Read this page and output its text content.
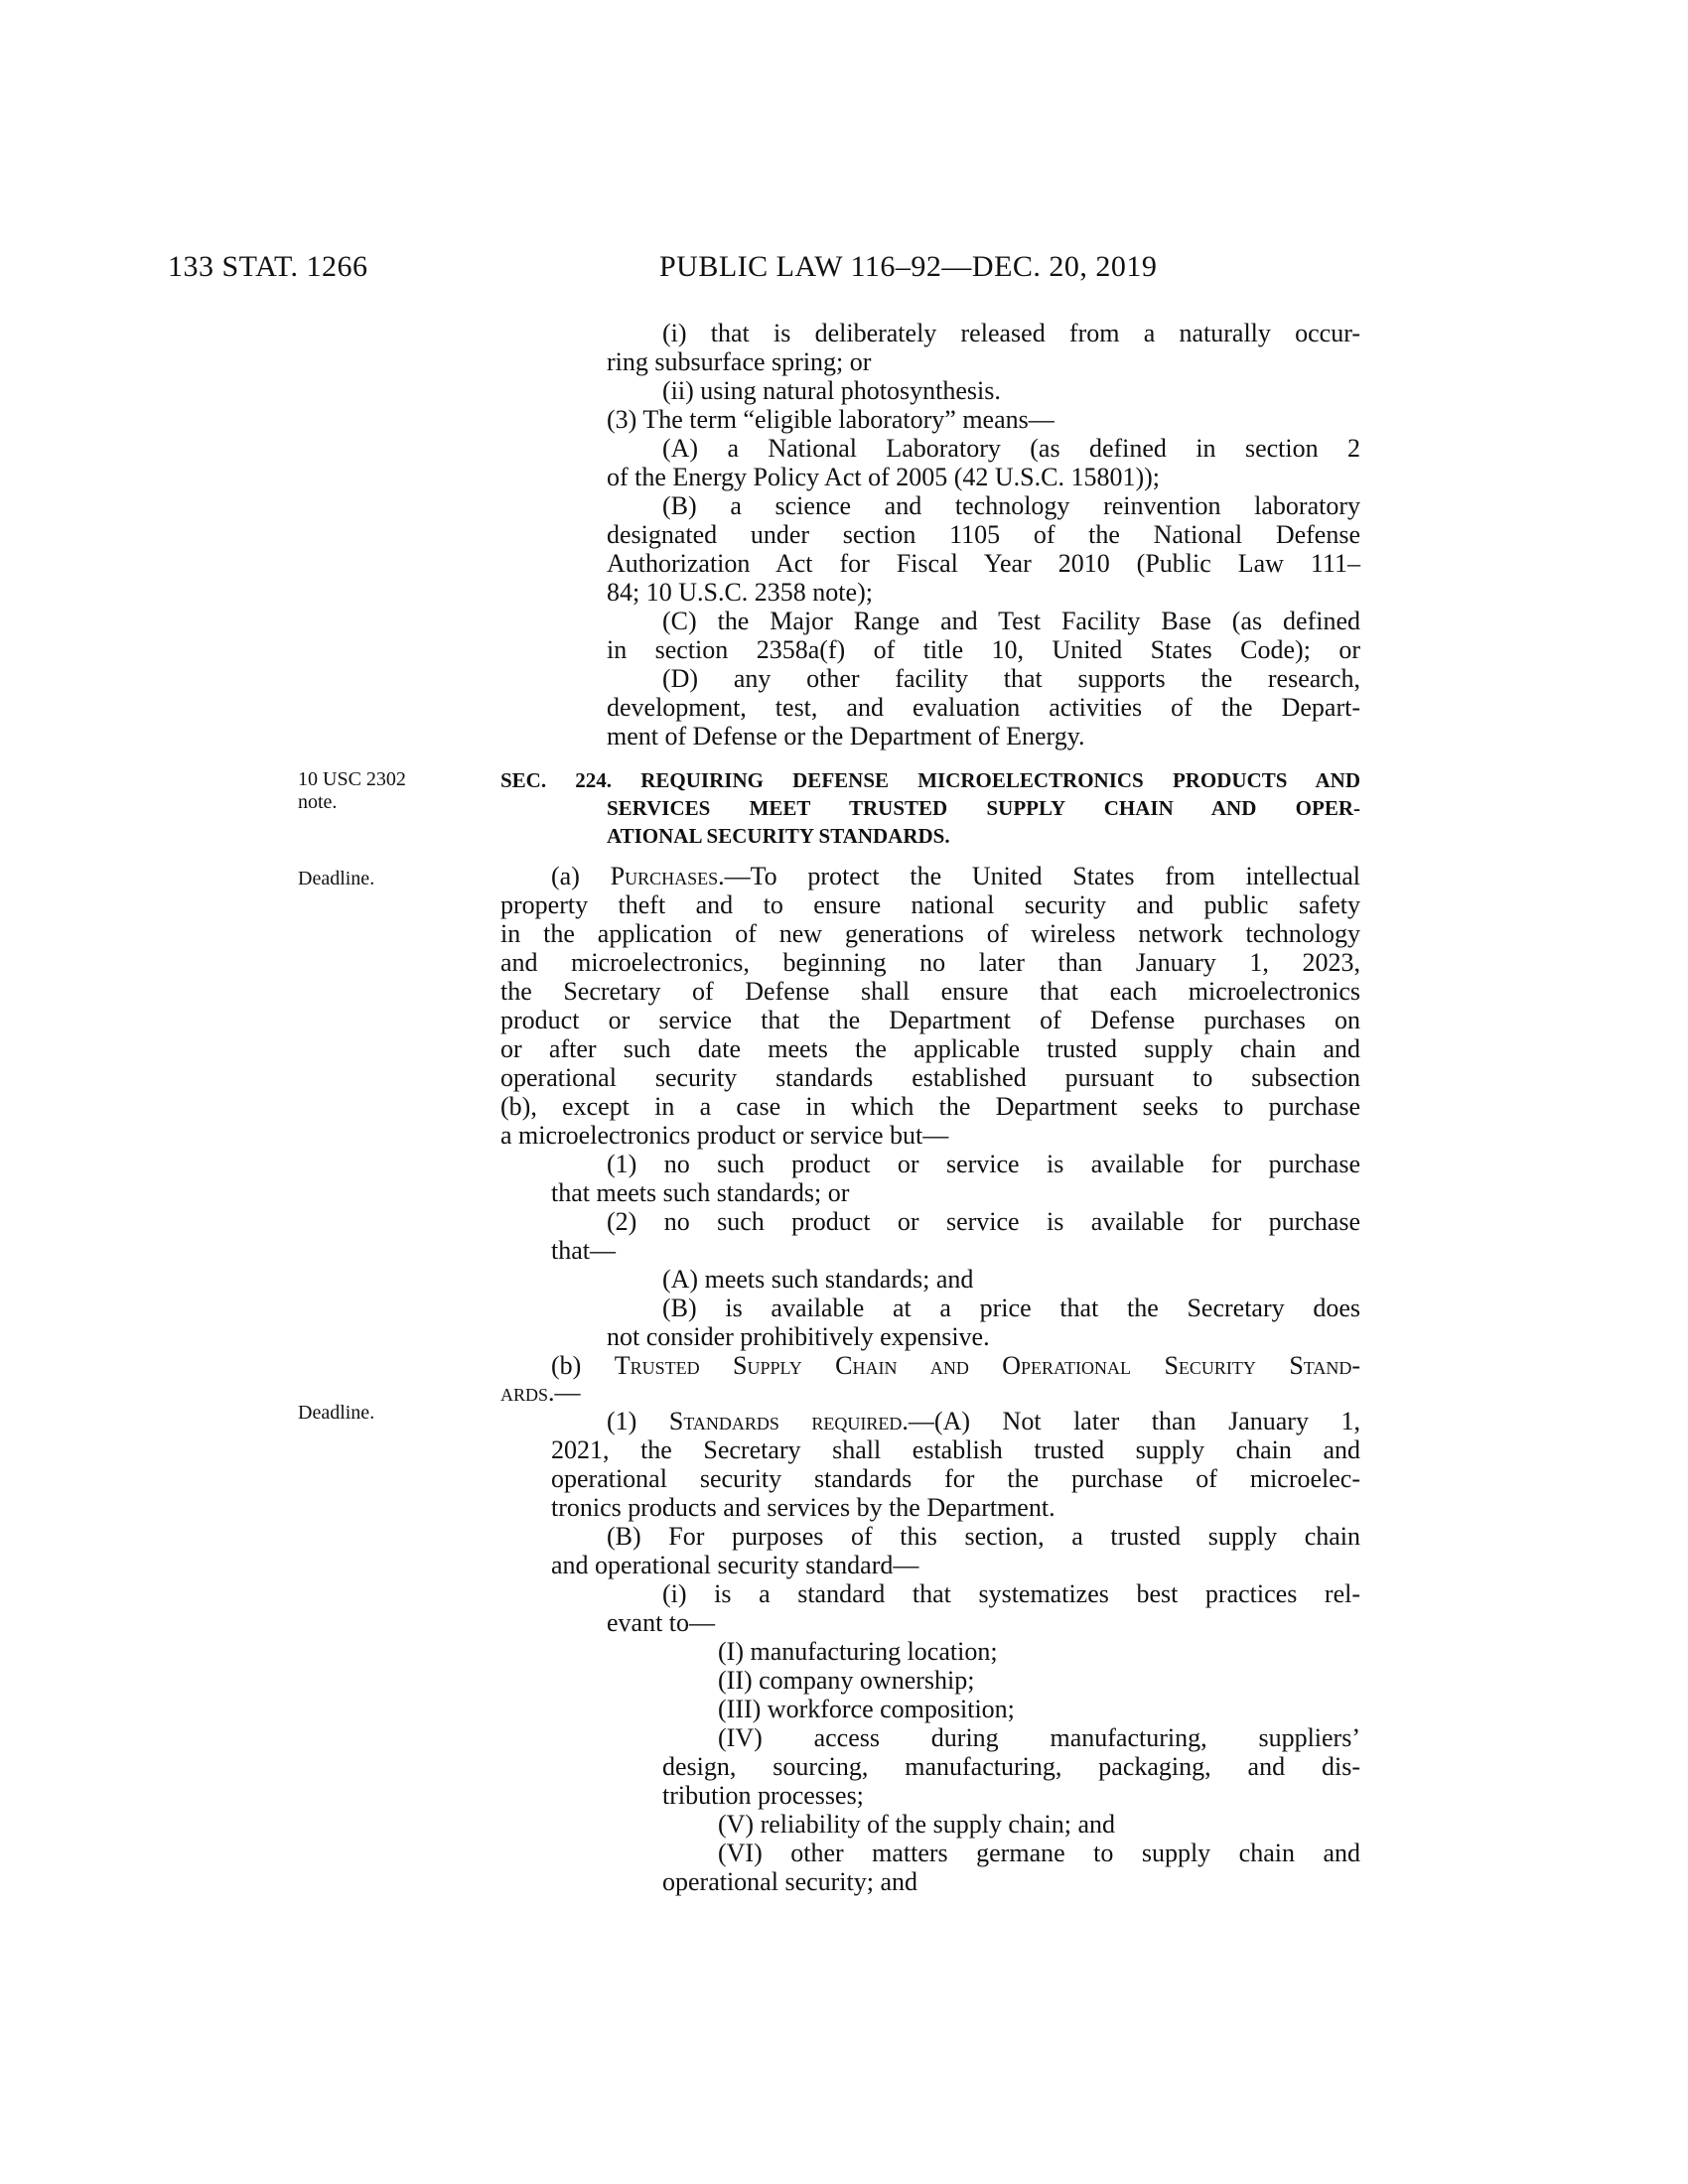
133 STAT. 1266	PUBLIC LAW 116–92—DEC. 20, 2019
10 USC 2302
note.
Deadline.
Deadline.
(i) that is deliberately released from a naturally occur-
ring subsurface spring; or
(ii) using natural photosynthesis.
(3) The term “eligible laboratory” means—
(A) a National Laboratory (as defined in section 2
of the Energy Policy Act of 2005 (42 U.S.C. 15801));
(B) a science and technology reinvention laboratory
designated under section 1105 of the National Defense
Authorization Act for Fiscal Year 2010 (Public Law 111–
84; 10 U.S.C. 2358 note);
(C) the Major Range and Test Facility Base (as defined
in section 2358a(f) of title 10, United States Code); or
(D) any other facility that supports the research,
development, test, and evaluation activities of the Depart-
ment of Defense or the Department of Energy.
SEC. 224. REQUIRING DEFENSE MICROELECTRONICS PRODUCTS AND
SERVICES MEET TRUSTED SUPPLY CHAIN AND OPER-
ATIONAL SECURITY STANDARDS.
(a) Purchases.—To protect the United States from intellectual
property theft and to ensure national security and public safety
in the application of new generations of wireless network technology
and microelectronics, beginning no later than January 1, 2023,
the Secretary of Defense shall ensure that each microelectronics
product or service that the Department of Defense purchases on
or after such date meets the applicable trusted supply chain and
operational security standards established pursuant to subsection
(b), except in a case in which the Department seeks to purchase
a microelectronics product or service but—
(1) no such product or service is available for purchase
that meets such standards; or
(2) no such product or service is available for purchase
that—
(A) meets such standards; and
(B) is available at a price that the Secretary does
not consider prohibitively expensive.
(b) Trusted Supply Chain and Operational Security Stand-
ards.—
(1) Standards required.—(A) Not later than January 1,
2021, the Secretary shall establish trusted supply chain and
operational security standards for the purchase of microelec-
tronics products and services by the Department.
(B) For purposes of this section, a trusted supply chain
and operational security standard—
(i) is a standard that systematizes best practices rel-
evant to—
(I) manufacturing location;
(II) company ownership;
(III) workforce composition;
(IV) access during manufacturing, suppliers’
design, sourcing, manufacturing, packaging, and dis-
tribution processes;
(V) reliability of the supply chain; and
(VI) other matters germane to supply chain and
operational security; and
